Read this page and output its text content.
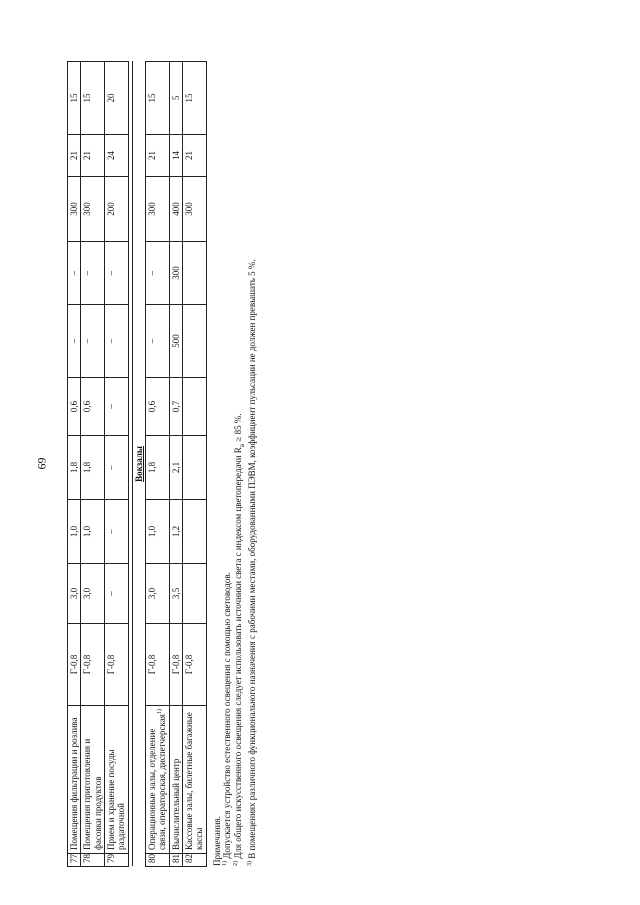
69
77	Помещения фильтрации и розлива	Г-0,8	3,0	1,0	1,8	0,6	–	–	300	21	15
78	Помещения приготовления и фасовки продуктов	Г-0,8	3,0	1,0	1,8	0,6	–	–	300	21	15
79	Прием и хранение посуды раздаточной	Г-0,8	–	–	–	–	–	–	200	24	20

Вокзалы											
80	Операционные залы, отделение связи, операторская, диспетчерская$^{1)}$	Г-0,8	3,0	1,0	1,8	0,6	–	–	300	21	15
81	Вычислительный центр	Г-0,8	3,5	1,2	2,1	0,7	500	300	400	14	5
82	Кассовые залы, билетные багажные кассы	Г-0,8							300	21	15

Примечания. $^{1)}$ Допускается устройство естественного освещения с помощью световодов.

$^{2)}$ Для общего искусственного освещения следует использовать источники света с индексом цветопередачи $R_a \ge 85$ %.

$^{3)}$ В помещениях различного функционального назначения с рабочими местами, оборудованными ПЭВМ, коэффициент пульсации не должен превышать 5 %.
